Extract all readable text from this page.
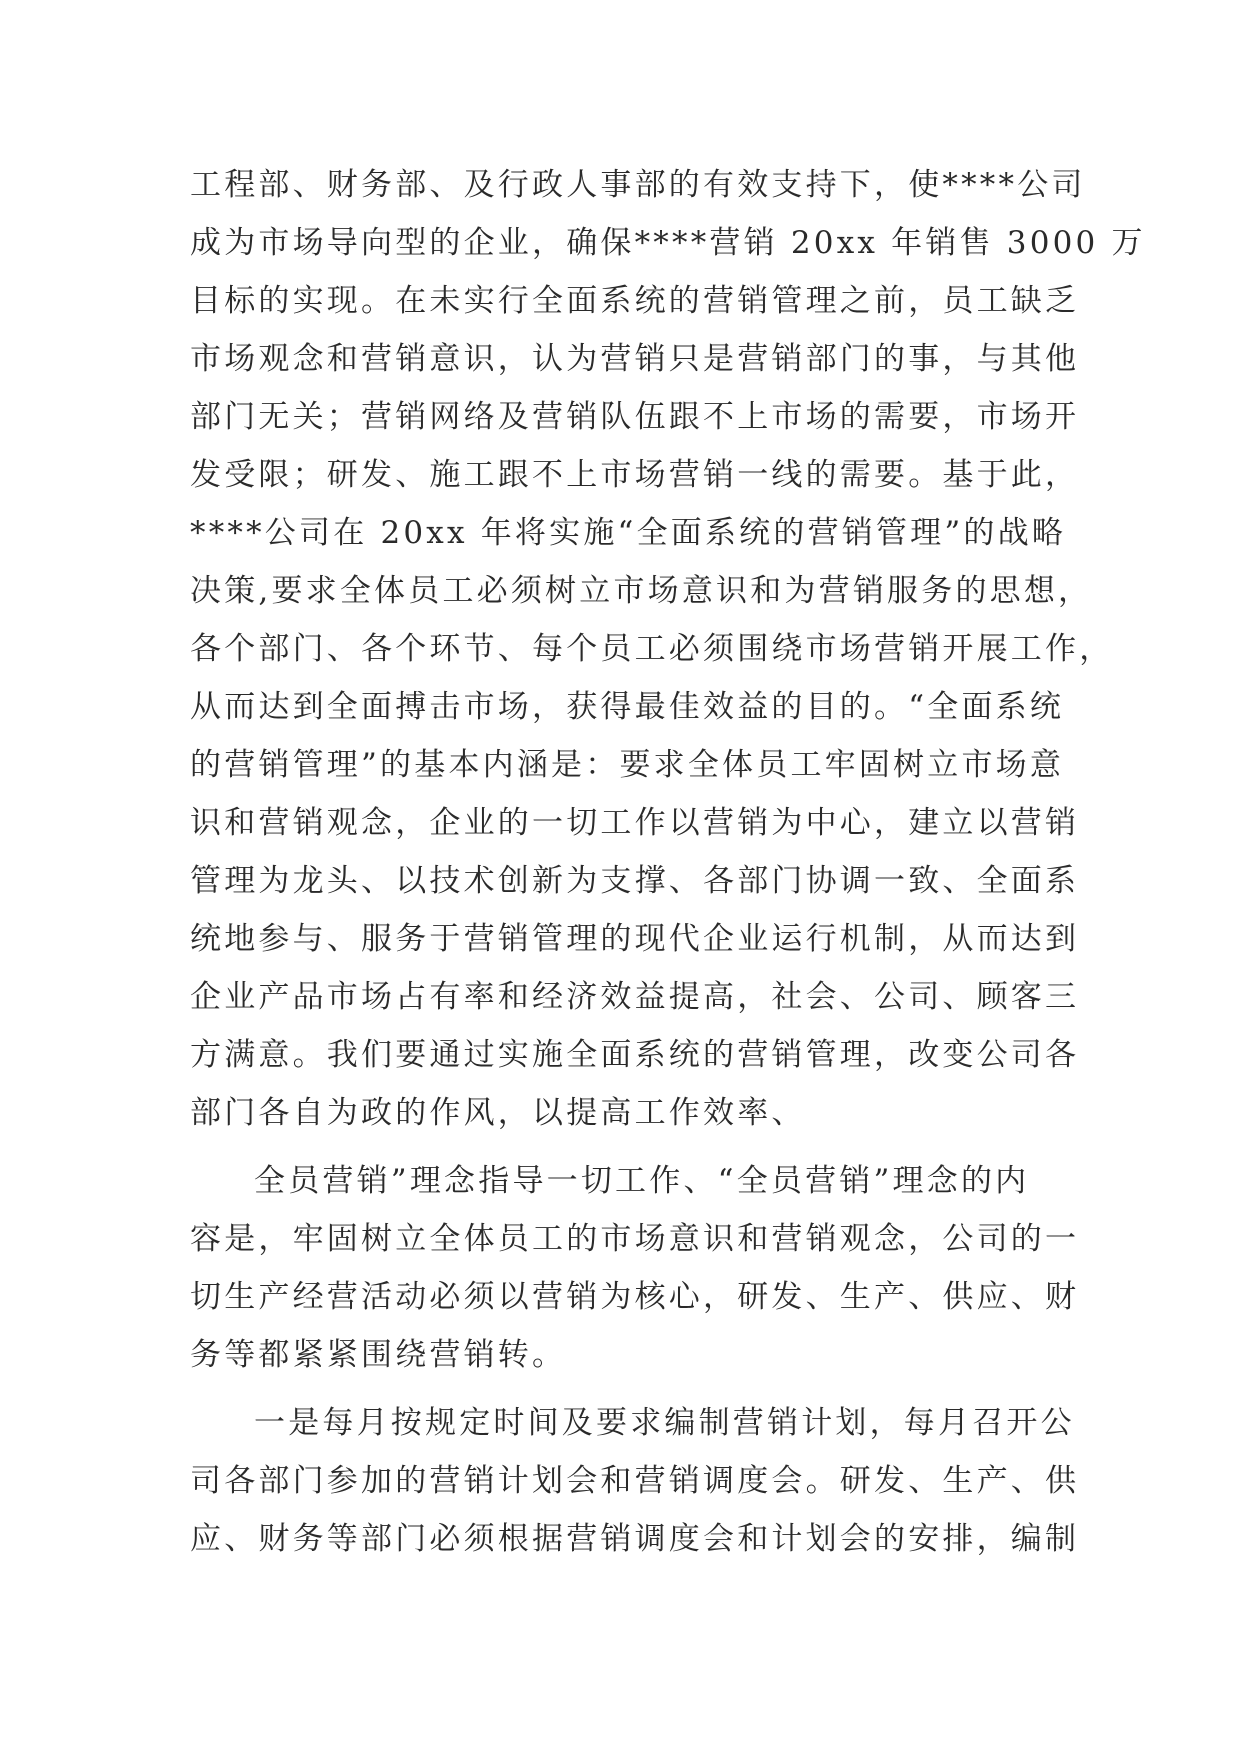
工程部、财务部、及行政人事部的有效支持下，使****公司
成为市场导向型的企业，确保****营销 20xx 年销售 3000 万
目标的实现。在未实行全面系统的营销管理之前，员工缺乏
市场观念和营销意识，认为营销只是营销部门的事，与其他
部门无关；营销网络及营销队伍跟不上市场的需要，市场开
发受限；研发、施工跟不上市场营销一线的需要。基于此，
****公司在 20xx 年将实施“全面系统的营销管理”的战略
决策,要求全体员工必须树立市场意识和为营销服务的思想，
各个部门、各个环节、每个员工必须围绕市场营销开展工作，
从而达到全面搏击市场，获得最佳效益的目的。“全面系统
的营销管理”的基本内涵是：要求全体员工牢固树立市场意
识和营销观念，企业的一切工作以营销为中心，建立以营销
管理为龙头、以技术创新为支撑、各部门协调一致、全面系
统地参与、服务于营销管理的现代企业运行机制，从而达到
企业产品市场占有率和经济效益提高，社会、公司、顾客三
方满意。我们要通过实施全面系统的营销管理，改变公司各
部门各自为政的作风，以提高工作效率、
全员营销”理念指导一切工作、“全员营销”理念的内
容是，牢固树立全体员工的市场意识和营销观念，公司的一
切生产经营活动必须以营销为核心，研发、生产、供应、财
务等都紧紧围绕营销转。
一是每月按规定时间及要求编制营销计划，每月召开公
司各部门参加的营销计划会和营销调度会。研发、生产、供
应、财务等部门必须根据营销调度会和计划会的安排，编制
